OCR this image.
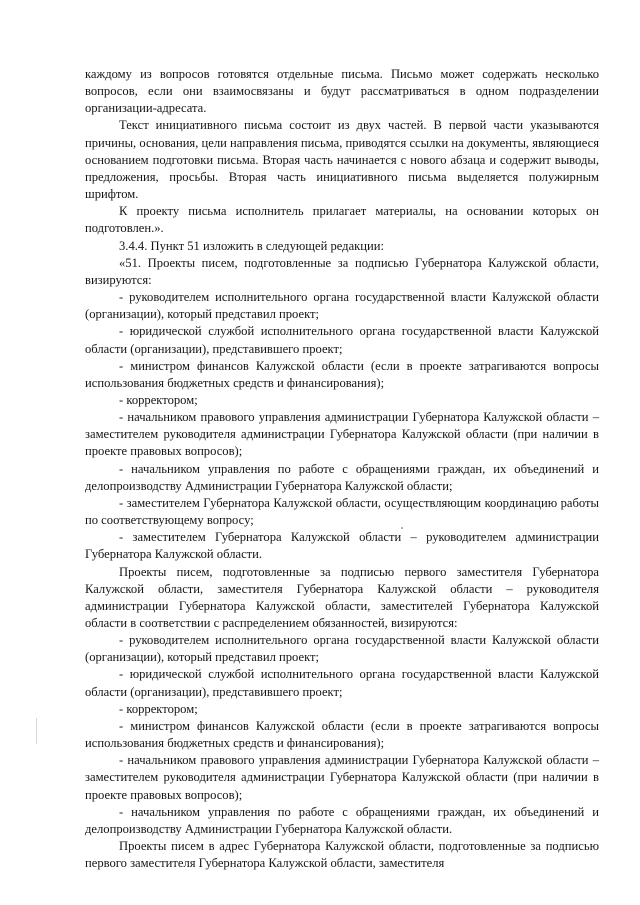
каждому из вопросов готовятся отдельные письма. Письмо может содержать несколько вопросов, если они взаимосвязаны и будут рассматриваться в одном подразделении организации-адресата.

Текст инициативного письма состоит из двух частей. В первой части указываются причины, основания, цели направления письма, приводятся ссылки на документы, являющиеся основанием подготовки письма. Вторая часть начинается с нового абзаца и содержит выводы, предложения, просьбы. Вторая часть инициативного письма выделяется полужирным шрифтом.

К проекту письма исполнитель прилагает материалы, на основании которых он подготовлен.».

3.4.4. Пункт 51 изложить в следующей редакции:

«51. Проекты писем, подготовленные за подписью Губернатора Калужской области, визируются:

- руководителем исполнительного органа государственной власти Калужской области (организации), который представил проект;

- юридической службой исполнительного органа государственной власти Калужской области (организации), представившего проект;

- министром финансов Калужской области (если в проекте затрагиваются вопросы использования бюджетных средств и финансирования);

- корректором;

- начальником правового управления администрации Губернатора Калужской области – заместителем руководителя администрации Губернатора Калужской области (при наличии в проекте правовых вопросов);

- начальником управления по работе с обращениями граждан, их объединений и делопроизводству Администрации Губернатора Калужской области;

- заместителем Губернатора Калужской области, осуществляющим координацию работы по соответствующему вопросу;

- заместителем Губернатора Калужской области – руководителем администрации Губернатора Калужской области.

Проекты писем, подготовленные за подписью первого заместителя Губернатора Калужской области, заместителя Губернатора Калужской области – руководителя администрации Губернатора Калужской области, заместителей Губернатора Калужской области в соответствии с распределением обязанностей, визируются:

- руководителем исполнительного органа государственной власти Калужской области (организации), который представил проект;

- юридической службой исполнительного органа государственной власти Калужской области (организации), представившего проект;

- корректором;

- министром финансов Калужской области (если в проекте затрагиваются вопросы использования бюджетных средств и финансирования);

- начальником правового управления администрации Губернатора Калужской области – заместителем руководителя администрации Губернатора Калужской области (при наличии в проекте правовых вопросов);

- начальником управления по работе с обращениями граждан, их объединений и делопроизводству Администрации Губернатора Калужской области.

Проекты писем в адрес Губернатора Калужской области, подготовленные за подписью первого заместителя Губернатора Калужской области, заместителя
